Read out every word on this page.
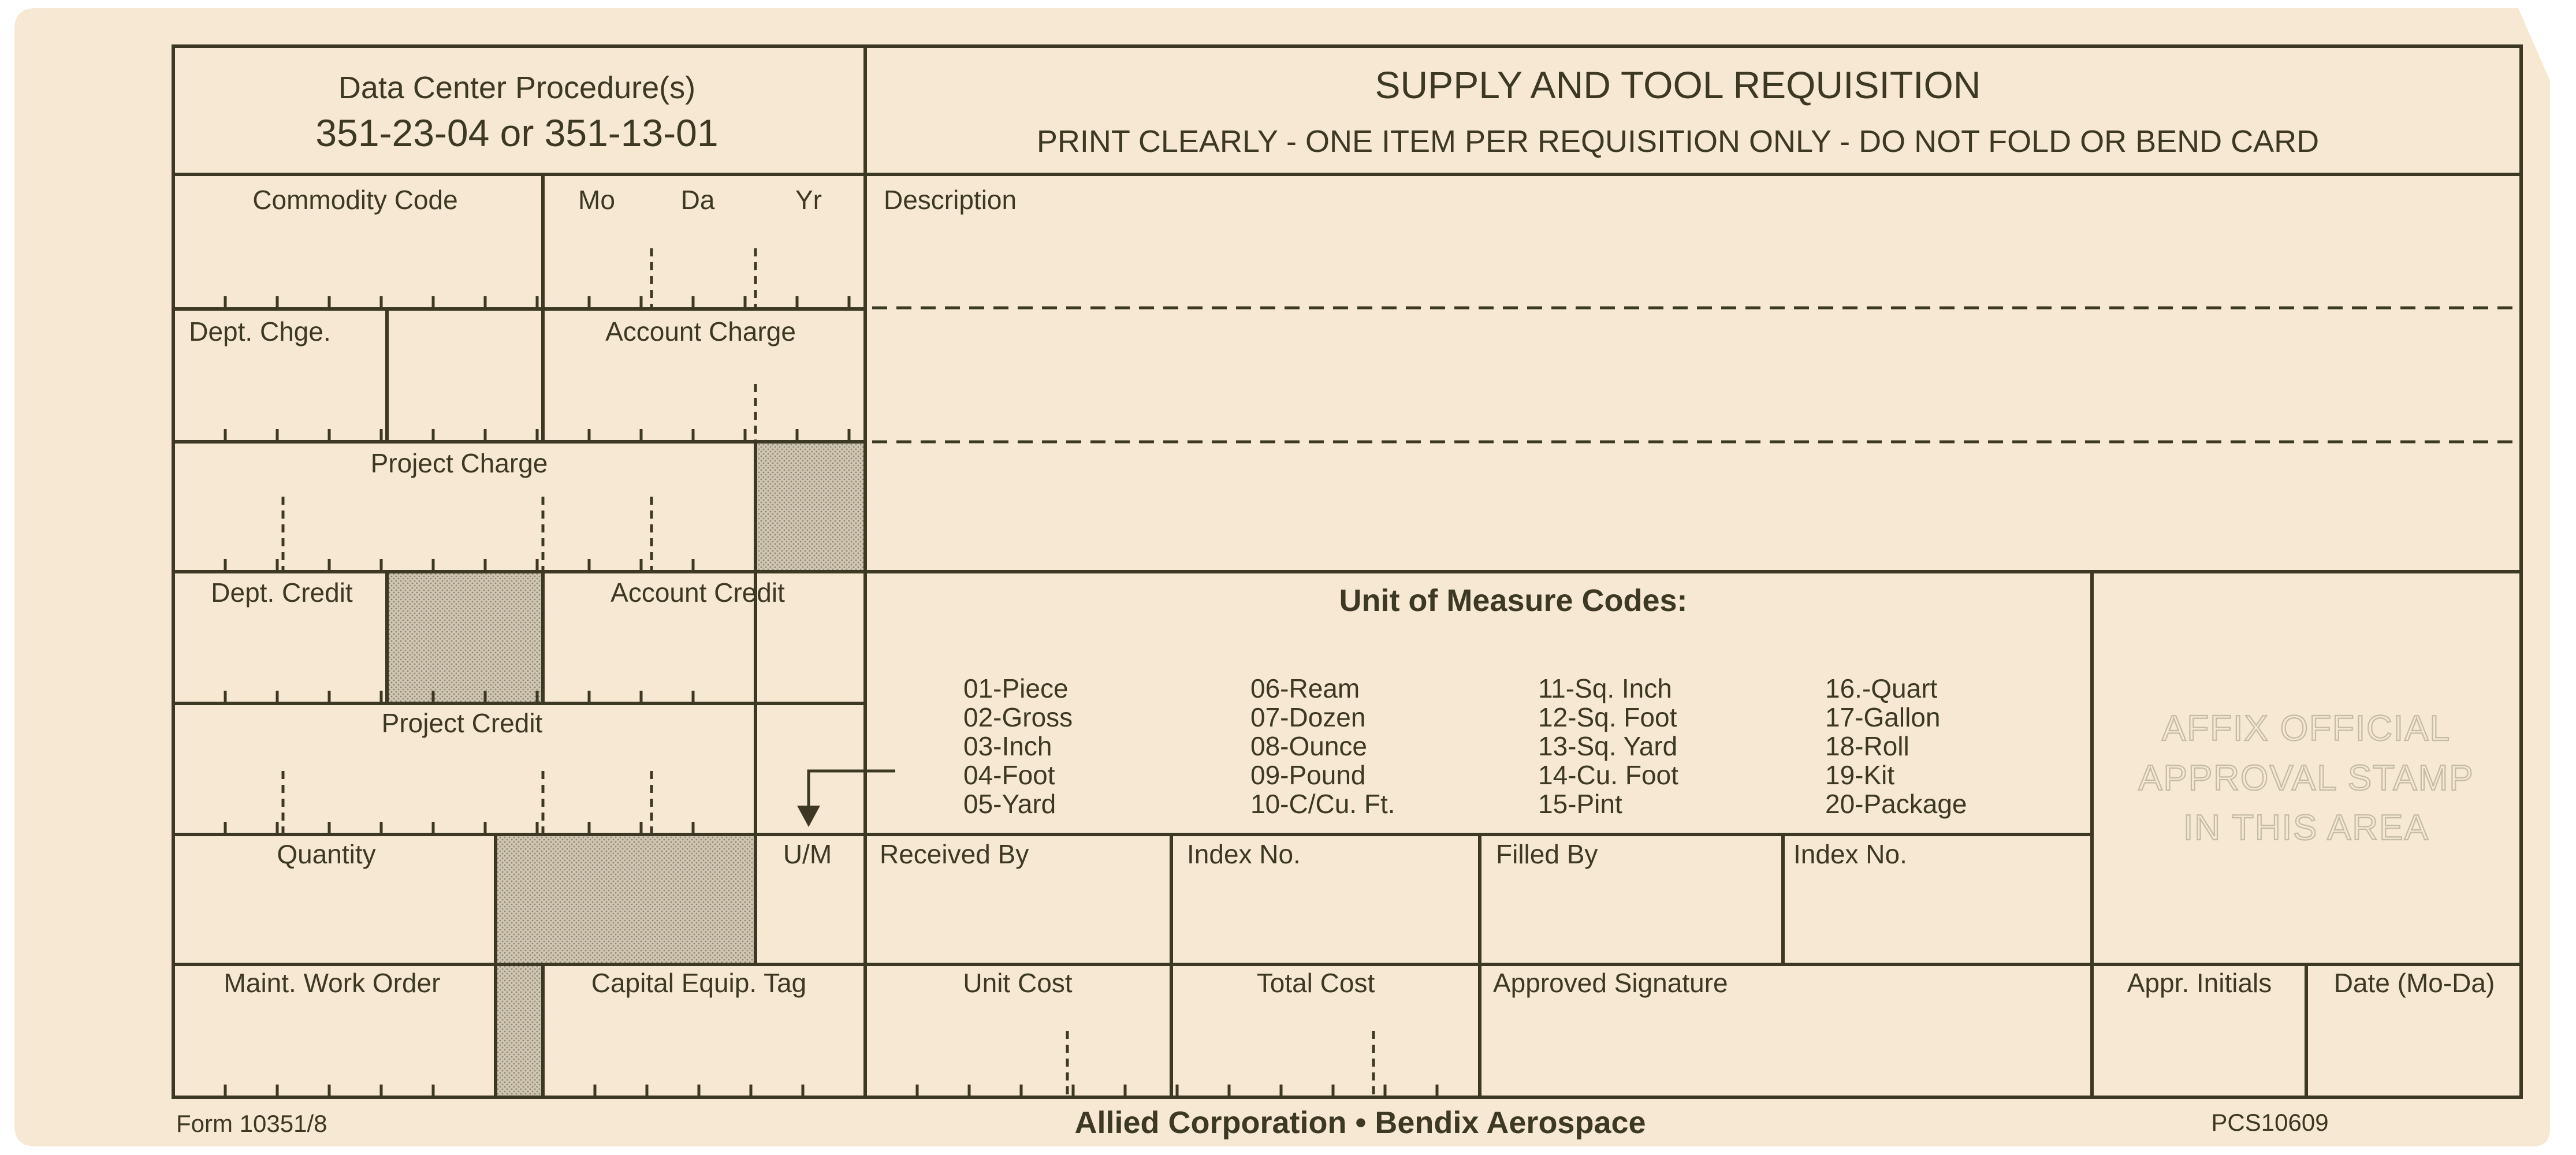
Data Center Procedure(s)
351-23-04 or 351-13-01
SUPPLY AND TOOL REQUISITION
PRINT CLEARLY - ONE ITEM PER REQUISITION ONLY - DO NOT FOLD OR BEND CARD
Commodity Code	Mo Da	Yr Description
Dept. Chge.	Account Charge
Project Charge
Dept. Credit	Account Credit
Project Credit
Quantity	U/M Received By	Index No.	Filled By	Index No.
Maint. Work Order	Capital Equip. Tag	Unit Cost	Total Cost	Approved Signature	Appr. Initials Date (Mo-Da)
Unit of Measure Codes:
01-Piece
02-Gross
03-Inch
04-Foot
05-Yard
06-Ream
07-Dozen
08-Ounce
09-Pound
10-C/Cu. Ft.
11-Sq. Inch
12-Sq. Foot
13-Sq. Yard
14-Cu. Foot
15-Pint
16.-Quart
17-Gallon
18-Roll
19-Kit
20-Package
AFFIX OFFICIAL
APPROVAL STAMP
IN THIS AREA
Form 10351/8	Allied Corporation • Bendix Aerospace	PCS10609
